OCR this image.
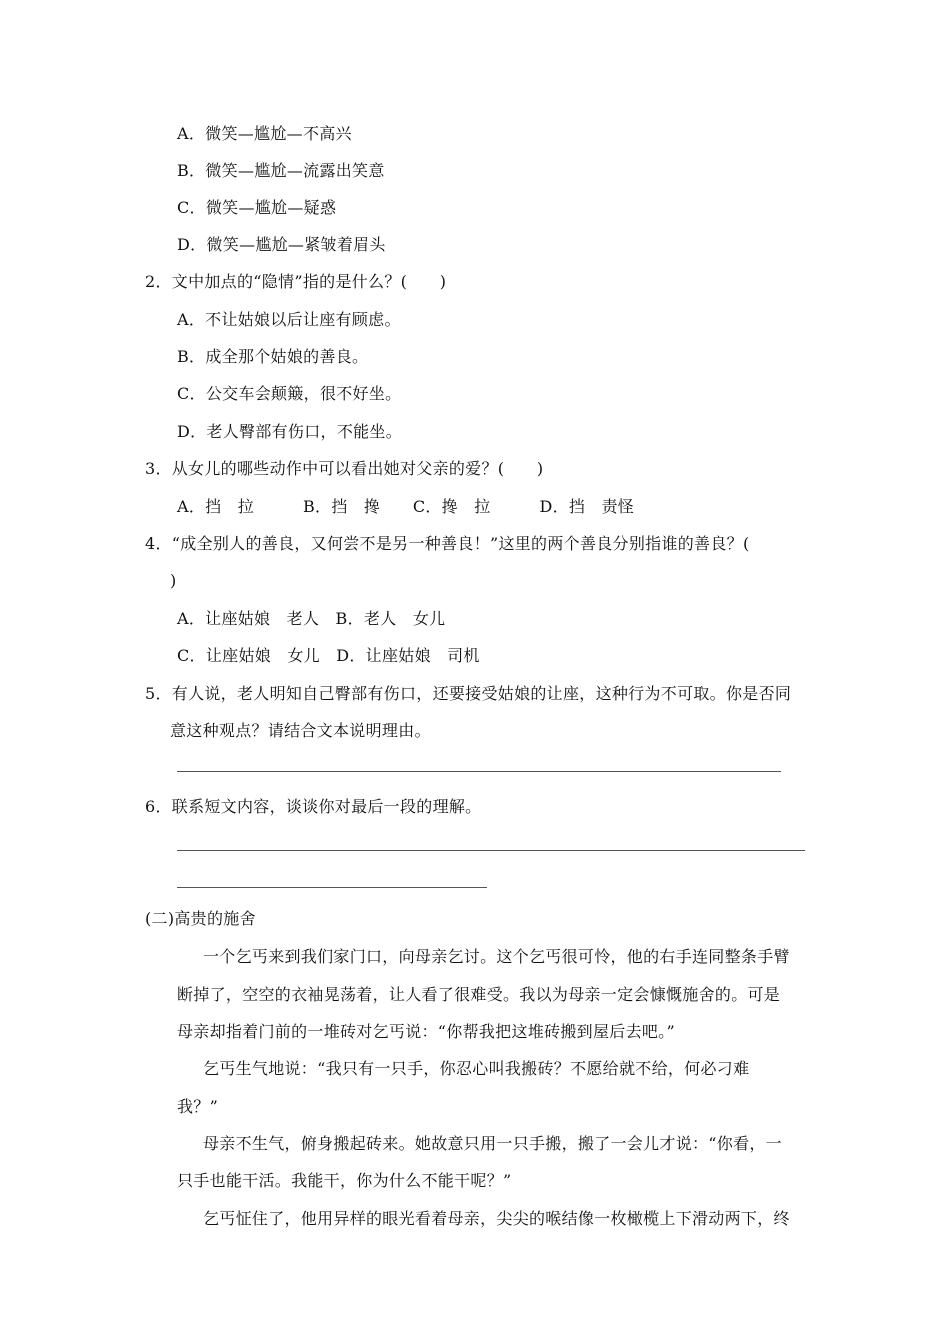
A．微笑—尴尬—不高兴
B．微笑—尴尬—流露出笑意
C．微笑—尴尬—疑惑
D．微笑—尴尬—紧皱着眉头
2．文中加点的“隐情”指的是什么？(　　)
A．不让姑娘以后让座有顾虑。
B．成全那个姑娘的善良。
C．公交车会颠簸，很不好坐。
D．老人臀部有伤口，不能坐。
3．从女儿的哪些动作中可以看出她对父亲的爱？(　　)
A．挡　拉　　　B．挡　搀　　C．搀　拉　　　D．挡　责怪
4．“成全别人的善良，又何尝不是另一种善良！”这里的两个善良分别指谁的善良？(
)
A．让座姑娘　老人　B．老人　女儿
C．让座姑娘　女儿　D．让座姑娘　司机
5．有人说，老人明知自己臀部有伤口，还要接受姑娘的让座，这种行为不可取。你是否同
意这种观点？请结合文本说明理由。
6．联系短文内容，谈谈你对最后一段的理解。
(二)高贵的施舍
一个乞丐来到我们家门口，向母亲乞讨。这个乞丐很可怜，他的右手连同整条手臂
断掉了，空空的衣袖晃荡着，让人看了很难受。我以为母亲一定会慷慨施舍的。可是
母亲却指着门前的一堆砖对乞丐说：“你帮我把这堆砖搬到屋后去吧。”
乞丐生气地说：“我只有一只手，你忍心叫我搬砖？不愿给就不给，何必刁难
我？”
母亲不生气，俯身搬起砖来。她故意只用一只手搬，搬了一会儿才说：“你看，一
只手也能干活。我能干，你为什么不能干呢？”
乞丐怔住了，他用异样的眼光看着母亲，尖尖的喉结像一枚橄榄上下滑动两下，终
